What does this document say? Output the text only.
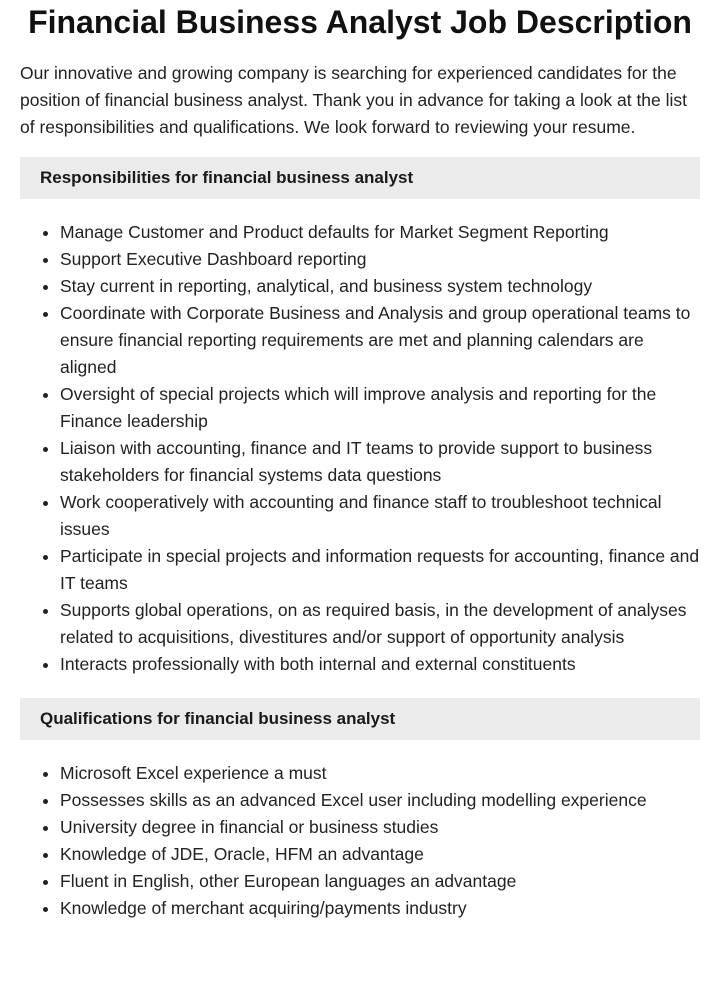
Financial Business Analyst Job Description

Our innovative and growing company is searching for experienced candidates for the position of financial business analyst. Thank you in advance for taking a look at the list of responsibilities and qualifications. We look forward to reviewing your resume.

Responsibilities for financial business analyst
• Manage Customer and Product defaults for Market Segment Reporting
• Support Executive Dashboard reporting
• Stay current in reporting, analytical, and business system technology
• Coordinate with Corporate Business and Analysis and group operational teams to ensure financial reporting requirements are met and planning calendars are aligned
• Oversight of special projects which will improve analysis and reporting for the Finance leadership
• Liaison with accounting, finance and IT teams to provide support to business stakeholders for financial systems data questions
• Work cooperatively with accounting and finance staff to troubleshoot technical issues
• Participate in special projects and information requests for accounting, finance and IT teams
• Supports global operations, on as required basis, in the development of analyses related to acquisitions, divestitures and/or support of opportunity analysis
• Interacts professionally with both internal and external constituents
Qualifications for financial business analyst
• Microsoft Excel experience a must
• Possesses skills as an advanced Excel user including modelling experience
• University degree in financial or business studies
• Knowledge of JDE, Oracle, HFM an advantage
• Fluent in English, other European languages an advantage
• Knowledge of merchant acquiring/payments industry
